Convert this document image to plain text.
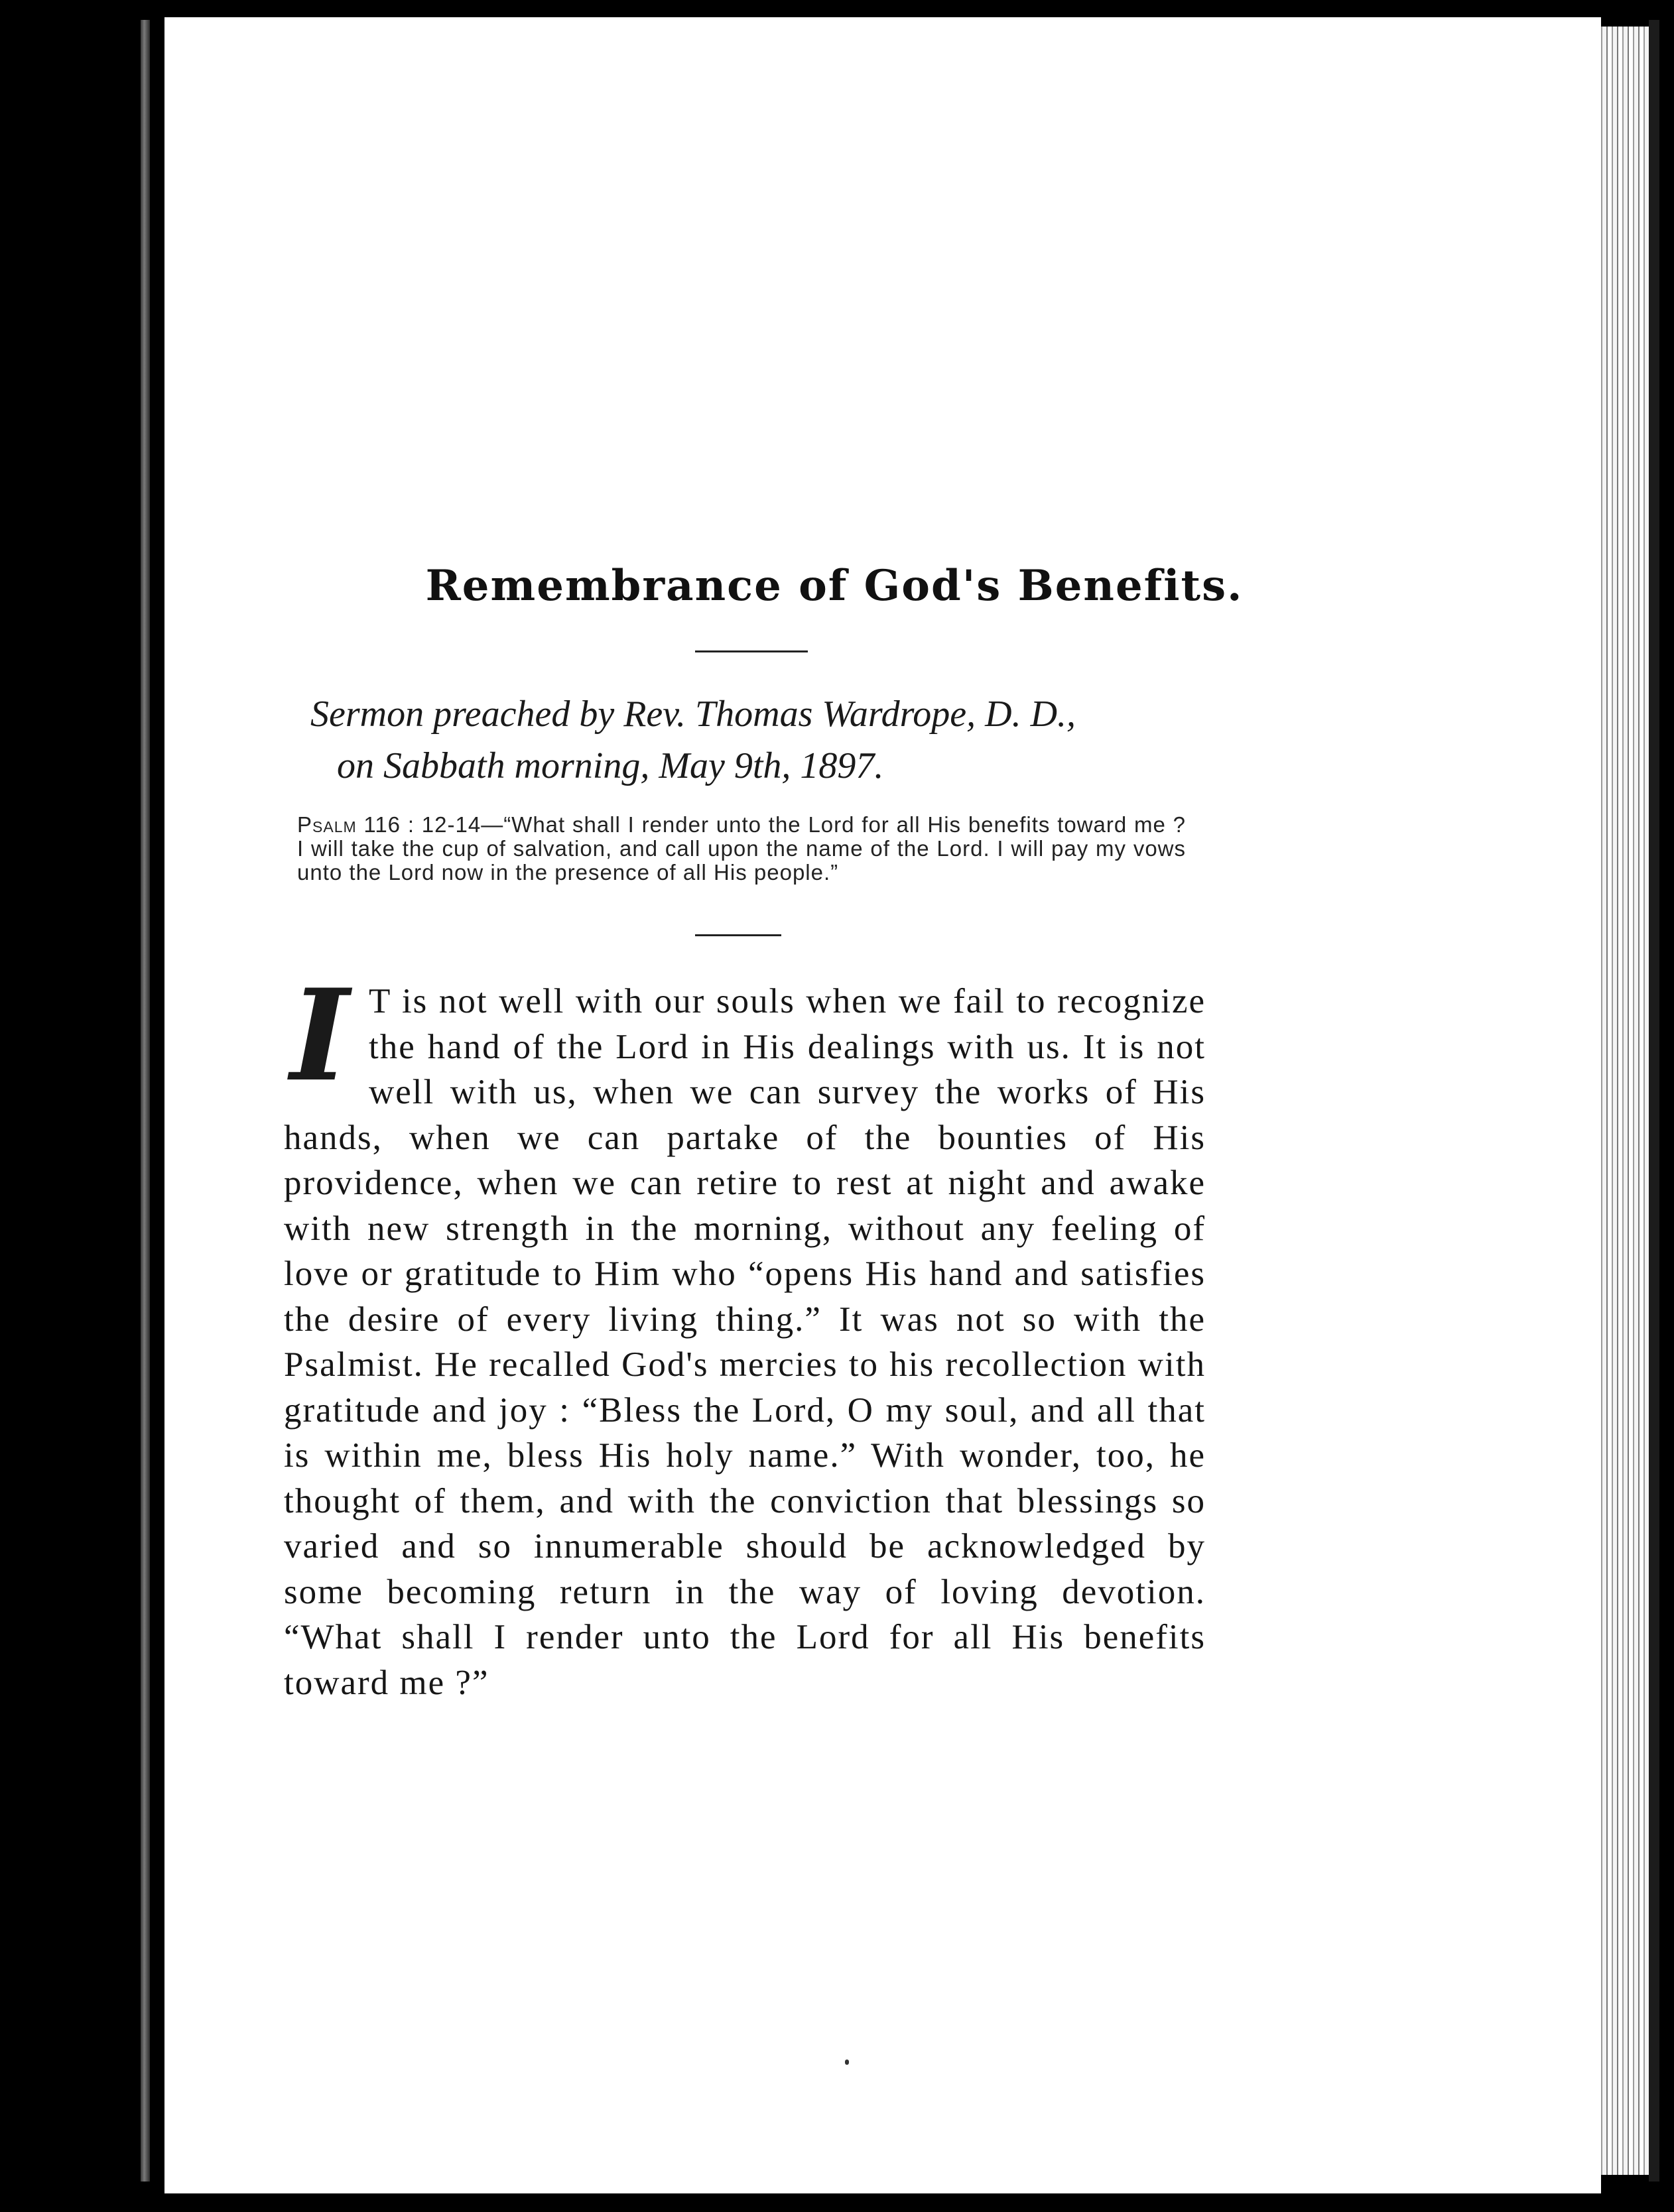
Remembrance of God's Benefits.

Sermon preached by Rev. Thomas Wardrope, D. D.,
on Sabbath morning, May 9th, 1897.

Psalm 116 : 12-14—“What shall I render unto the Lord for all His benefits toward me ? I will take the cup of salvation, and call upon the name of the Lord. I will pay my vows unto the Lord now in the presence of all His people.”

I T is not well with our souls when we fail to recognize the hand of the Lord in His dealings with us. It is not well with us, when we can survey the works of His hands, when we can partake of the bounties of His providence, when we can retire to rest at night and awake with new strength in the morning, without any feeling of love or gratitude to Him who “opens His hand and satisfies the desire of every living thing.” It was not so with the Psalmist. He recalled God's mercies to his recollection with gratitude and joy : “Bless the Lord, O my soul, and all that is within me, bless His holy name.” With wonder, too, he thought of them, and with the conviction that blessings so varied and so innumerable should be acknowledged by some becoming return in the way of loving devotion. “What shall I render unto the Lord for all His benefits toward me ?”
